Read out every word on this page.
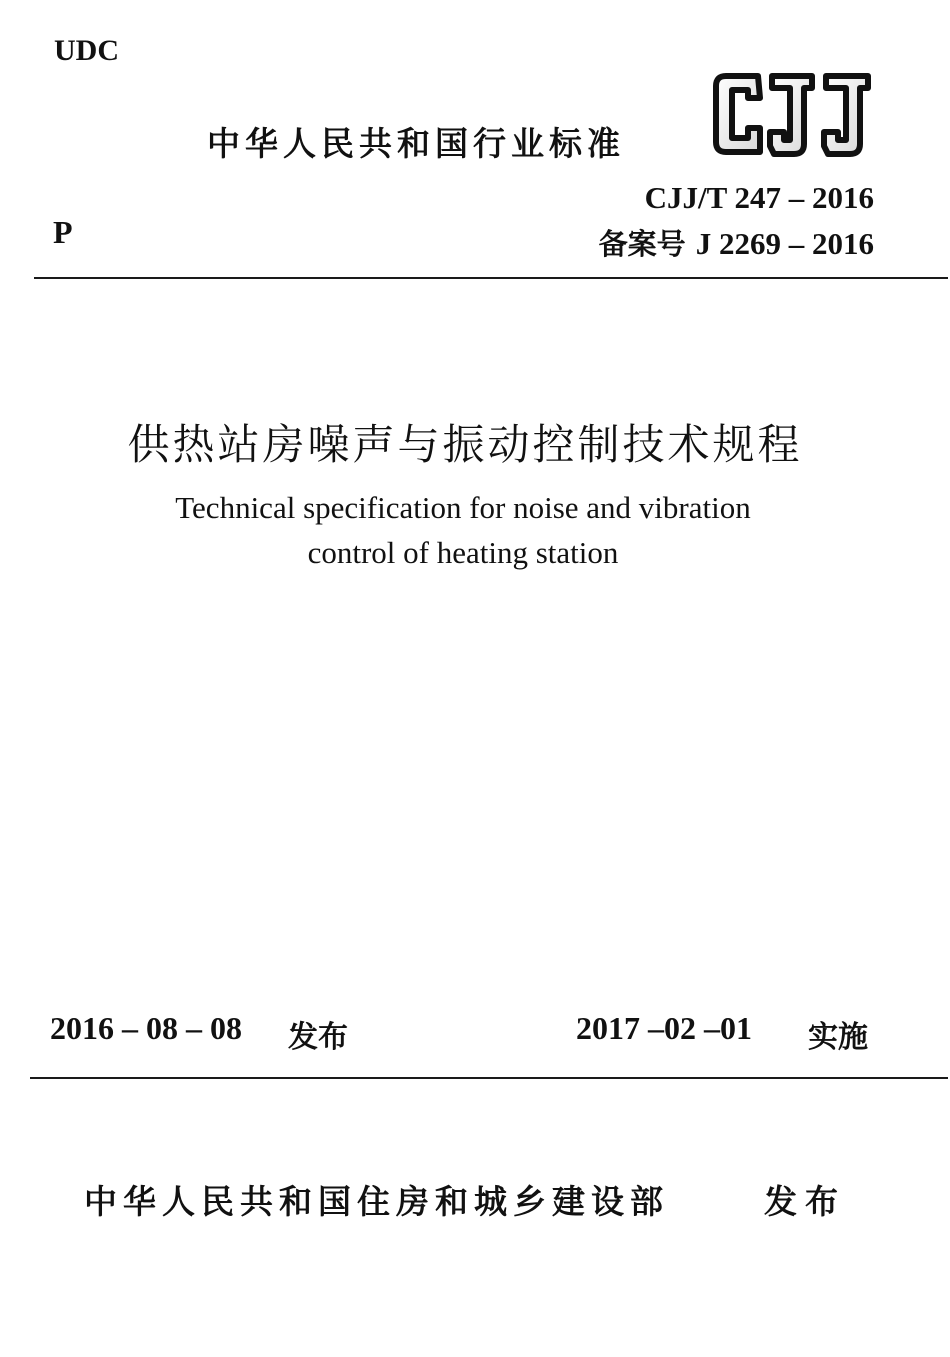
UDC
中华人民共和国行业标准
CJJ/T 247 – 2016
备案号 J 2269 – 2016
P
供热站房噪声与振动控制技术规程
Technical specification for noise and vibration
control of heating station
2016 – 08 – 08 发布	2017 –02 –01 实施
中华人民共和国住房和城乡建设部	发布
